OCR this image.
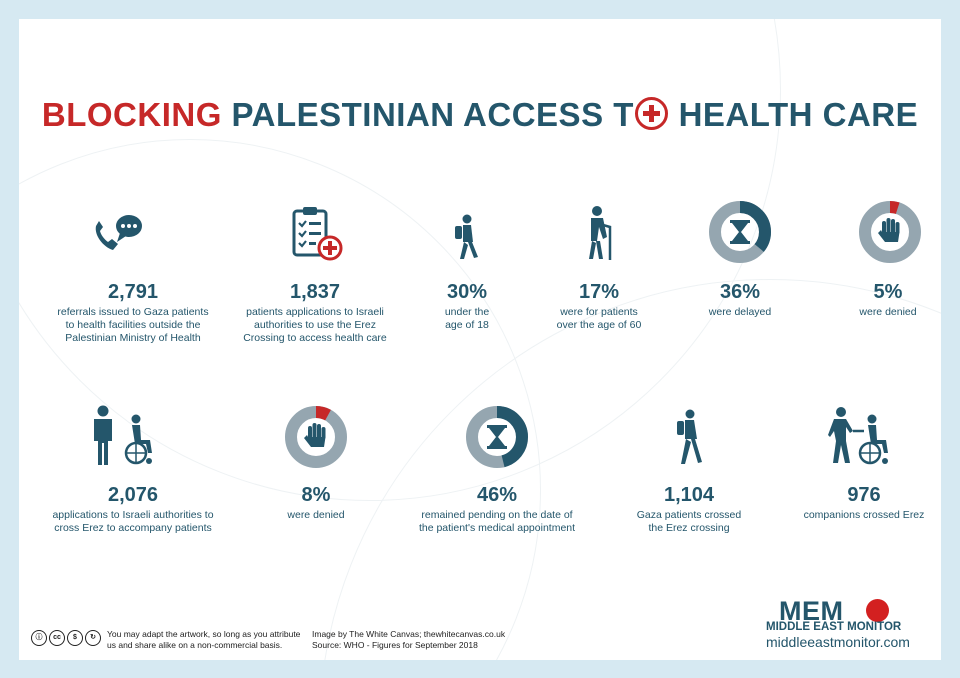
BLOCKING PALESTINIAN ACCESS T HEALTH CARE
2,791
referrals issued to Gaza patients
to health facilities outside the
Palestinian Ministry of Health
1,837
patients applications to Israeli
authorities to use the Erez
Crossing to access health care
30%
under the
age of 18
17%
were for patients
over the age of 60
36%
were delayed
5%
were denied
2,076
applications to Israeli authorities to
cross Erez to accompany patients
8%
were denied
46%
remained pending on the date of
the patient's medical appointment
1,104
Gaza patients crossed
the Erez crossing
976
companions crossed Erez
ⓘ	cc	$	↻	You may adapt the artwork, so long as you attribute
us and share alike on a non-commercial basis.
Image by The White Canvas; thewhitecanvas.co.uk
Source: WHO - Figures for September 2018
MEM
MIDDLE EAST MONITOR
middleeastmonitor.com
